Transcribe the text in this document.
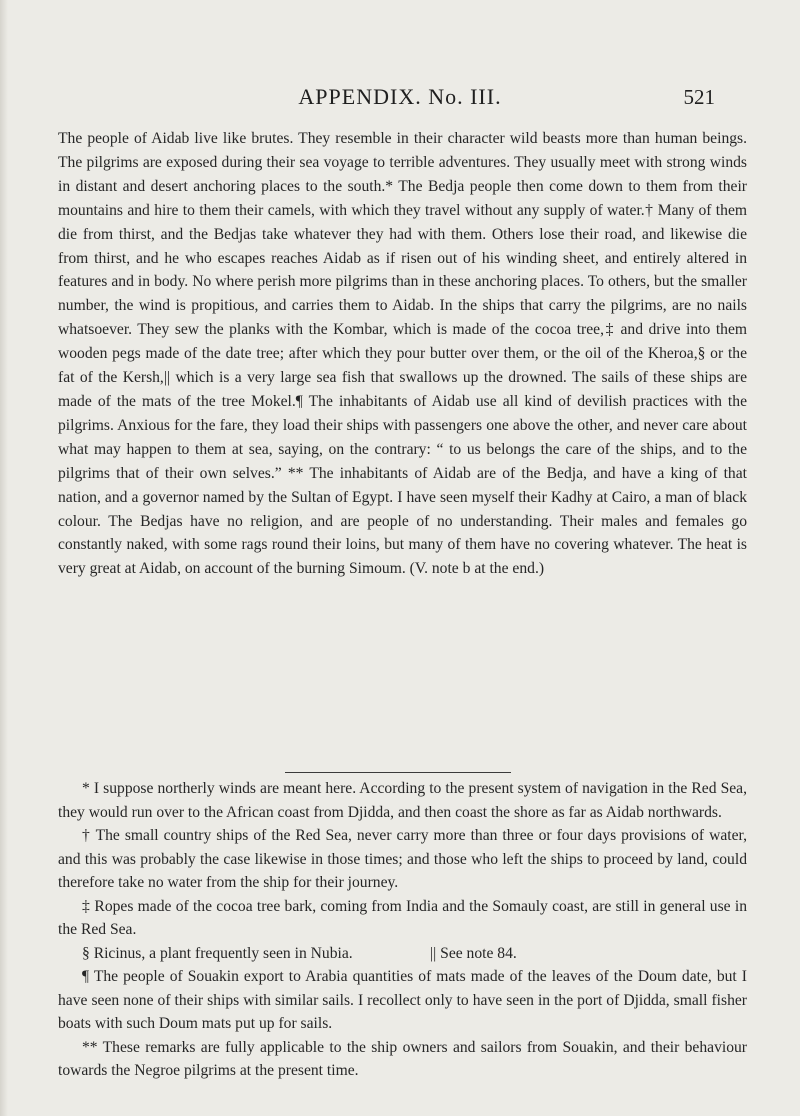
APPENDIX. No. III.	521

The people of Aidab live like brutes. They resemble in their character wild beasts more than human beings. The pilgrims are exposed during their sea voyage to terrible adventures. They usually meet with strong winds in distant and desert anchoring places to the south.* The Bedja people then come down to them from their mountains and hire to them their camels, with which they travel without any supply of water.† Many of them die from thirst, and the Bedjas take whatever they had with them. Others lose their road, and likewise die from thirst, and he who escapes reaches Aidab as if risen out of his winding sheet, and entirely altered in features and in body. No where perish more pilgrims than in these anchoring places. To others, but the smaller number, the wind is propitious, and carries them to Aidab. In the ships that carry the pilgrims, are no nails whatsoever. They sew the planks with the Kombar, which is made of the cocoa tree,‡ and drive into them wooden pegs made of the date tree; after which they pour butter over them, or the oil of the Kheroa,§ or the fat of the Kersh,|| which is a very large sea fish that swallows up the drowned. The sails of these ships are made of the mats of the tree Mokel.¶ The inhabitants of Aidab use all kind of devilish practices with the pilgrims. Anxious for the fare, they load their ships with passengers one above the other, and never care about what may happen to them at sea, saying, on the contrary: “ to us belongs the care of the ships, and to the pilgrims that of their own selves.” ** The inhabitants of Aidab are of the Bedja, and have a king of that nation, and a governor named by the Sultan of Egypt. I have seen myself their Kadhy at Cairo, a man of black colour. The Bedjas have no religion, and are people of no understanding. Their males and females go constantly naked, with some rags round their loins, but many of them have no covering whatever. The heat is very great at Aidab, on account of the burning Simoum. (V. note b at the end.)

* I suppose northerly winds are meant here. According to the present system of navigation in the Red Sea, they would run over to the African coast from Djidda, and then coast the shore as far as Aidab northwards.

† The small country ships of the Red Sea, never carry more than three or four days provisions of water, and this was probably the case likewise in those times; and those who left the ships to proceed by land, could therefore take no water from the ship for their journey.

‡ Ropes made of the cocoa tree bark, coming from India and the Somauly coast, are still in general use in the Red Sea.

§ Ricinus, a plant frequently seen in Nubia.	|| See note 84.

¶ The people of Souakin export to Arabia quantities of mats made of the leaves of the Doum date, but I have seen none of their ships with similar sails. I recollect only to have seen in the port of Djidda, small fisher boats with such Doum mats put up for sails.

** These remarks are fully applicable to the ship owners and sailors from Souakin, and their behaviour towards the Negroe pilgrims at the present time.
